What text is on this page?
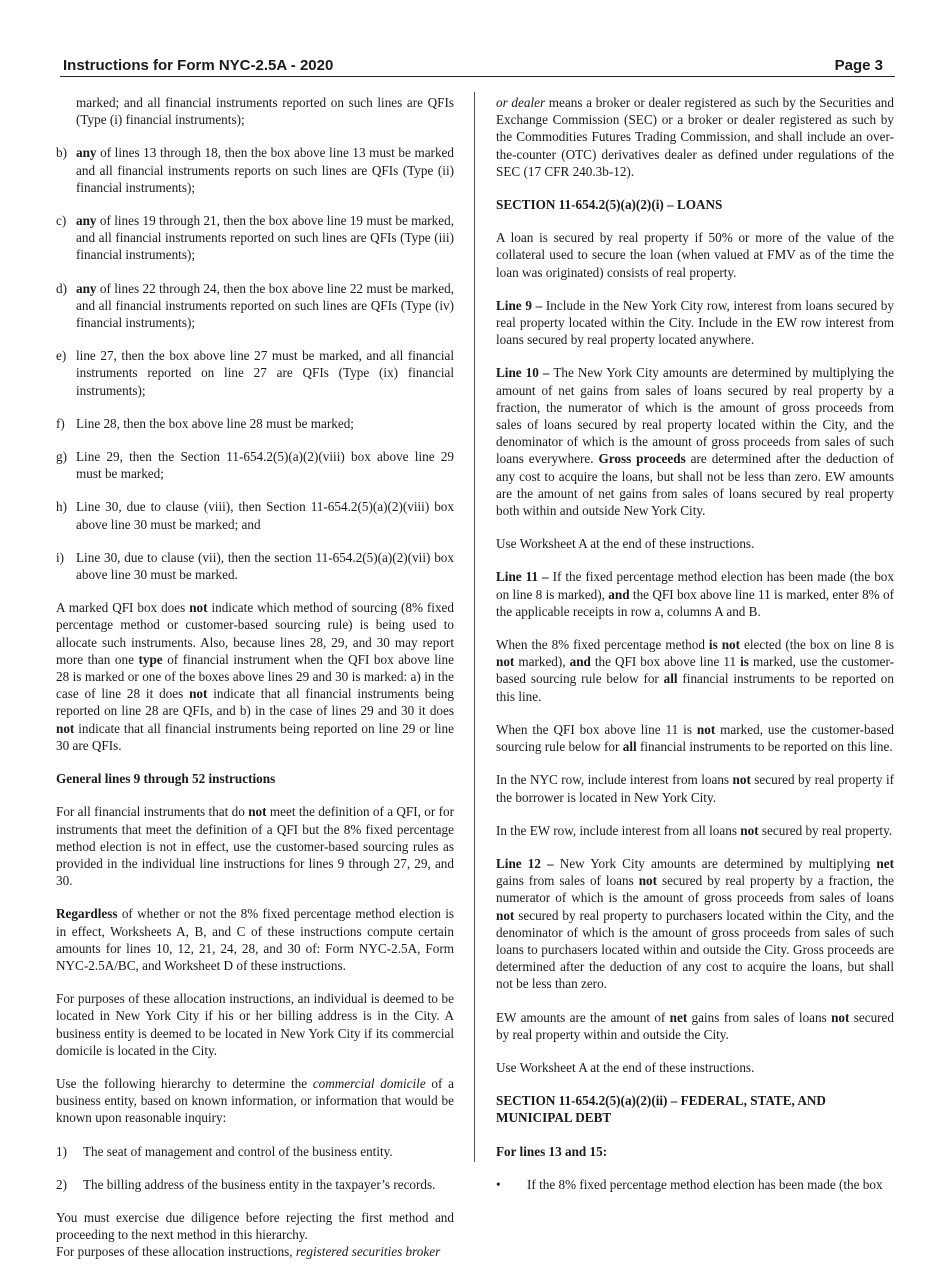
Instructions for Form NYC-2.5A - 2020	Page 3

marked; and all financial instruments reported on such lines are QFIs (Type (i) financial instruments);

b) any of lines 13 through 18, then the box above line 13 must be marked and all financial instruments reports on such lines are QFIs (Type (ii) financial instruments);
c) any of lines 19 through 21, then the box above line 19 must be marked, and all financial instruments reported on such lines are QFIs (Type (iii) financial instruments);
d) any of lines 22 through 24, then the box above line 22 must be marked, and all financial instruments reported on such lines are QFIs (Type (iv) financial instruments);
e) line 27, then the box above line 27 must be marked, and all financial instruments reported on line 27 are QFIs (Type (ix) financial instruments);
f) Line 28, then the box above line 28 must be marked;
g) Line 29, then the Section 11-654.2(5)(a)(2)(viii) box above line 29 must be marked;
h) Line 30, due to clause (viii), then Section 11-654.2(5)(a)(2)(viii) box above line 30 must be marked; and
i) Line 30, due to clause (vii), then the section 11-654.2(5)(a)(2)(vii) box above line 30 must be marked.

A marked QFI box does not indicate which method of sourcing (8% fixed percentage method or customer-based sourcing rule) is being used to allocate such instruments. Also, because lines 28, 29, and 30 may report more than one type of financial instrument when the QFI box above line 28 is marked or one of the boxes above lines 29 and 30 is marked: a) in the case of line 28 it does not indicate that all financial instruments being reported on line 28 are QFIs, and b) in the case of lines 29 and 30 it does not indicate that all financial instruments being reported on line 29 or line 30 are QFIs.

General lines 9 through 52 instructions

For all financial instruments that do not meet the definition of a QFI, or for instruments that meet the definition of a QFI but the 8% fixed percentage method election is not in effect, use the customer-based sourcing rules as provided in the individual line instructions for lines 9 through 27, 29, and 30.

Regardless of whether or not the 8% fixed percentage method election is in effect, Worksheets A, B, and C of these instructions compute certain amounts for lines 10, 12, 21, 24, 28, and 30 of: Form NYC-2.5A, Form NYC-2.5A/BC, and Worksheet D of these instructions.

For purposes of these allocation instructions, an individual is deemed to be located in New York City if his or her billing address is in the City. A business entity is deemed to be located in New York City if its commercial domicile is located in the City.

Use the following hierarchy to determine the commercial domicile of a business entity, based on known information, or information that would be known upon reasonable inquiry:

1) The seat of management and control of the business entity.
2) The billing address of the business entity in the taxpayer’s records.

You must exercise due diligence before rejecting the first method and proceeding to the next method in this hierarchy.

For purposes of these allocation instructions, registered securities broker

or dealer means a broker or dealer registered as such by the Securities and Exchange Commission (SEC) or a broker or dealer registered as such by the Commodities Futures Trading Commission, and shall include an over-the-counter (OTC) derivatives dealer as defined under regulations of the SEC (17 CFR 240.3b-12).

SECTION 11-654.2(5)(a)(2)(i) – LOANS

A loan is secured by real property if 50% or more of the value of the collateral used to secure the loan (when valued at FMV as of the time the loan was originated) consists of real property.

Line 9 – Include in the New York City row, interest from loans secured by real property located within the City. Include in the EW row interest from loans secured by real property located anywhere.

Line 10 – The New York City amounts are determined by multiplying the amount of net gains from sales of loans secured by real property by a fraction, the numerator of which is the amount of gross proceeds from sales of loans secured by real property located within the City, and the denominator of which is the amount of gross proceeds from sales of such loans everywhere. Gross proceeds are determined after the deduction of any cost to acquire the loans, but shall not be less than zero. EW amounts are the amount of net gains from sales of loans secured by real property both within and outside New York City.

Use Worksheet A at the end of these instructions.

Line 11 – If the fixed percentage method election has been made (the box on line 8 is marked), and the QFI box above line 11 is marked, enter 8% of the applicable receipts in row a, columns A and B.

When the 8% fixed percentage method is not elected (the box on line 8 is not marked), and the QFI box above line 11 is marked, use the customer-based sourcing rule below for all financial instruments to be reported on this line.

When the QFI box above line 11 is not marked, use the customer-based sourcing rule below for all financial instruments to be reported on this line.

In the NYC row, include interest from loans not secured by real property if the borrower is located in New York City.

In the EW row, include interest from all loans not secured by real property.

Line 12 – New York City amounts are determined by multiplying net gains from sales of loans not secured by real property by a fraction, the numerator of which is the amount of gross proceeds from sales of loans not secured by real property to purchasers located within the City, and the denominator of which is the amount of gross proceeds from sales of such loans to purchasers located within and outside the City. Gross proceeds are determined after the deduction of any cost to acquire the loans, but shall not be less than zero.

EW amounts are the amount of net gains from sales of loans not secured by real property within and outside the City.

Use Worksheet A at the end of these instructions.

SECTION 11-654.2(5)(a)(2)(ii) – FEDERAL, STATE, AND MUNICIPAL DEBT

For lines 13 and 15:

• If the 8% fixed percentage method election has been made (the box
